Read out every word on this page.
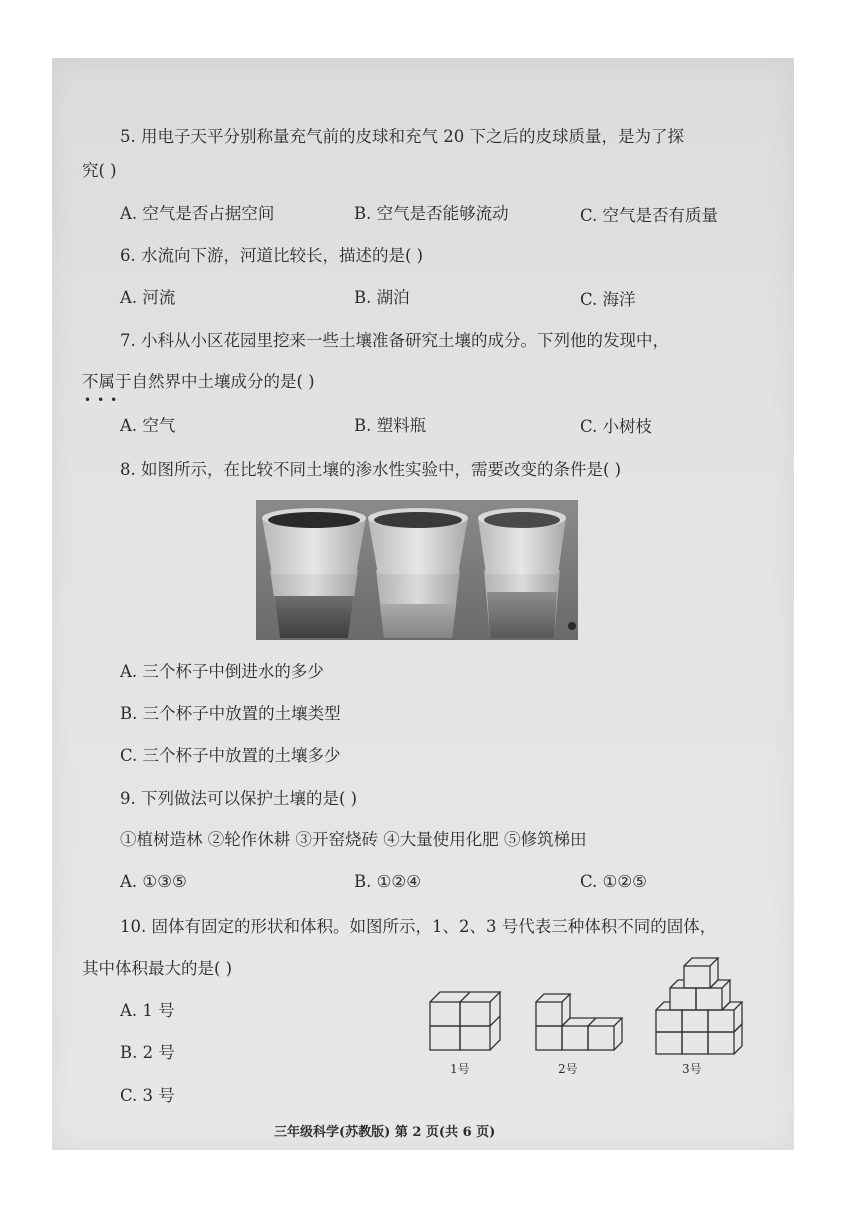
5. 用电子天平分别称量充气前的皮球和充气 20 下之后的皮球质量，是为了探
究( )
A. 空气是否占据空间	B. 空气是否能够流动	C. 空气是否有质量
6. 水流向下游，河道比较长，描述的是( )
A. 河流	B. 湖泊	C. 海洋
7. 小科从小区花园里挖来一些土壤准备研究土壤的成分。下列他的发现中，
不属于自然界中土壤成分的是( )
•••
A. 空气	B. 塑料瓶	C. 小树枝
8. 如图所示，在比较不同土壤的渗水性实验中，需要改变的条件是( )
A. 三个杯子中倒进水的多少
B. 三个杯子中放置的土壤类型
C. 三个杯子中放置的土壤多少
9. 下列做法可以保护土壤的是( )
①植树造林 ②轮作休耕 ③开窑烧砖 ④大量使用化肥 ⑤修筑梯田
A. ①③⑤	B. ①②④	C. ①②⑤
10. 固体有固定的形状和体积。如图所示，1、2、3 号代表三种体积不同的固体，
其中体积最大的是( )
A. 1 号
B. 2 号
C. 3 号
1号	2号	3号
三年级科学(苏教版) 第 2 页(共 6 页)
